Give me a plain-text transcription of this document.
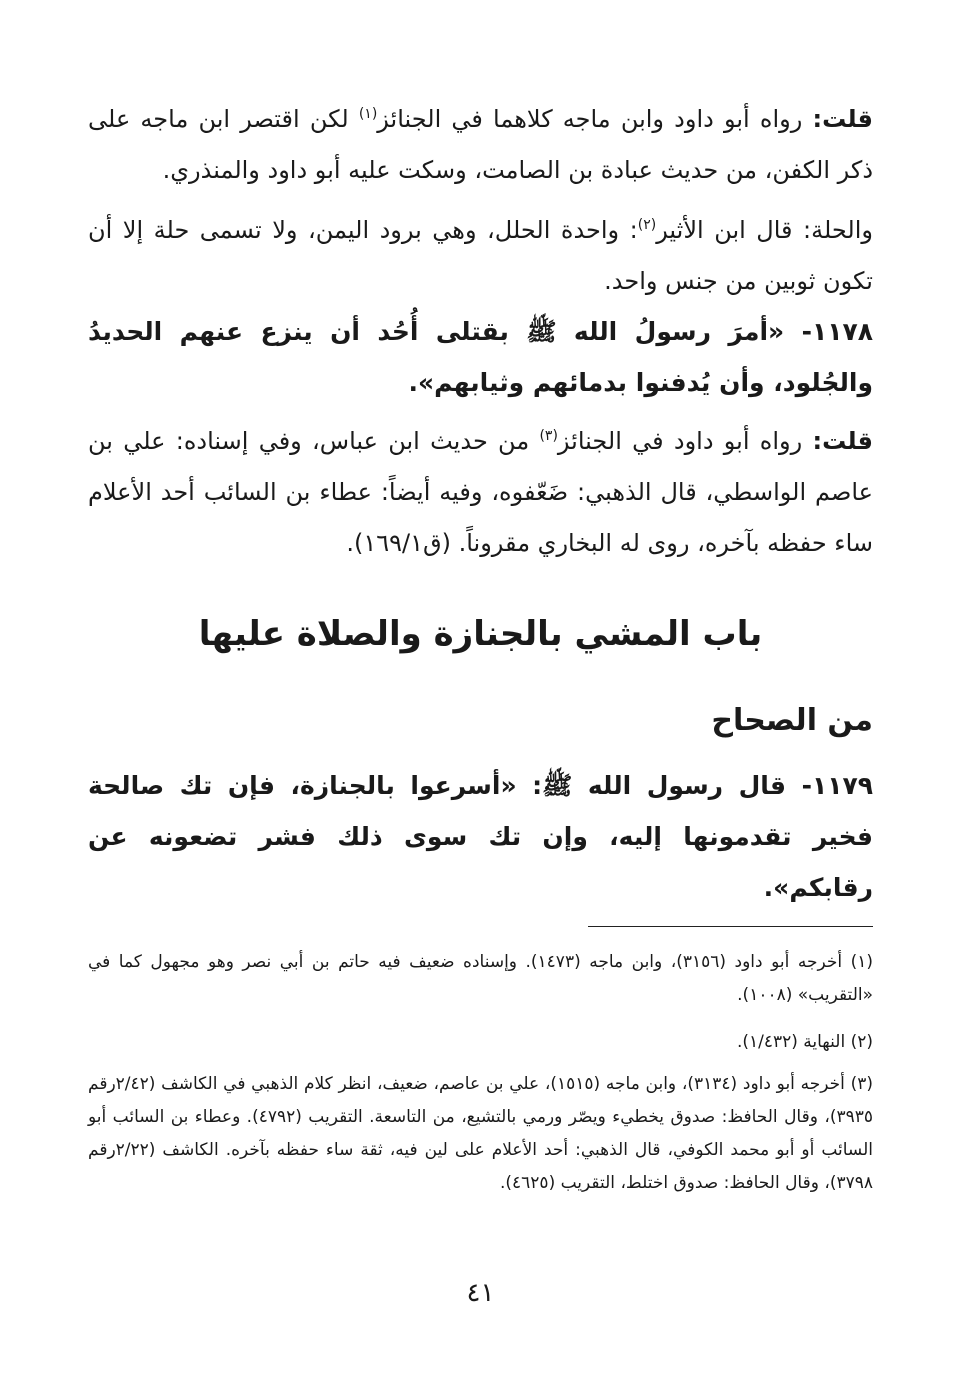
قلت: رواه أبو داود وابن ماجه كلاهما في الجنائز$^{(١)}$ لكن اقتصر ابن ماجه على ذكر الكفن، من حديث عبادة بن الصامت، وسكت عليه أبو داود والمنذري.

والحلة: قال ابن الأثير$^{(٢)}$: واحدة الحلل، وهي برود اليمن، ولا تسمى حلة إلا أن تكون ثوبين من جنس واحد.

١١٧٨- «أمرَ رسولُ الله ﷺ بقتلى أُحُد أن ينزع عنهم الحديدُ والجُلود، وأن يُدفنوا بدمائهم وثيابهم».

قلت: رواه أبو داود في الجنائز$^{(٣)}$ من حديث ابن عباس، وفي إسناده: علي بن عاصم الواسطي، قال الذهبي: ضَعّفوه، وفيه أيضاً: عطاء بن السائب أحد الأعلام ساء حفظه بآخره، روى له البخاري مقروناً. (ق١٦٩/١).

باب المشي بالجنازة والصلاة عليها
من الصحاح

١١٧٩- قال رسول الله ﷺ: «أسرعوا بالجنازة، فإن تك صالحة فخير تقدمونها إليه، وإن تك سوى ذلك فشر تضعونه عن رقابكم».

(١) أخرجه أبو داود (٣١٥٦)، وابن ماجه (١٤٧٣). وإسناده ضعيف فيه حاتم بن أبي نصر وهو مجهول كما في «التقريب» (١٠٠٨).

(٢) النهاية (١/٤٣٢).

(٣) أخرجه أبو داود (٣١٣٤)، وابن ماجه (١٥١٥)، علي بن عاصم، ضعيف، انظر كلام الذهبي في الكاشف (٢/٤٢رقم ٣٩٣٥)، وقال الحافظ: صدوق يخطيء ويصّر ورمي بالتشيع، من التاسعة. التقريب (٤٧٩٢). وعطاء بن السائب أبو السائب أو أبو محمد الكوفي، قال الذهبي: أحد الأعلام على لين فيه، ثقة ساء حفظه بآخره. الكاشف (٢/٢٢رقم ٣٧٩٨)، وقال الحافظ: صدوق اختلط، التقريب (٤٦٢٥).

٤١
